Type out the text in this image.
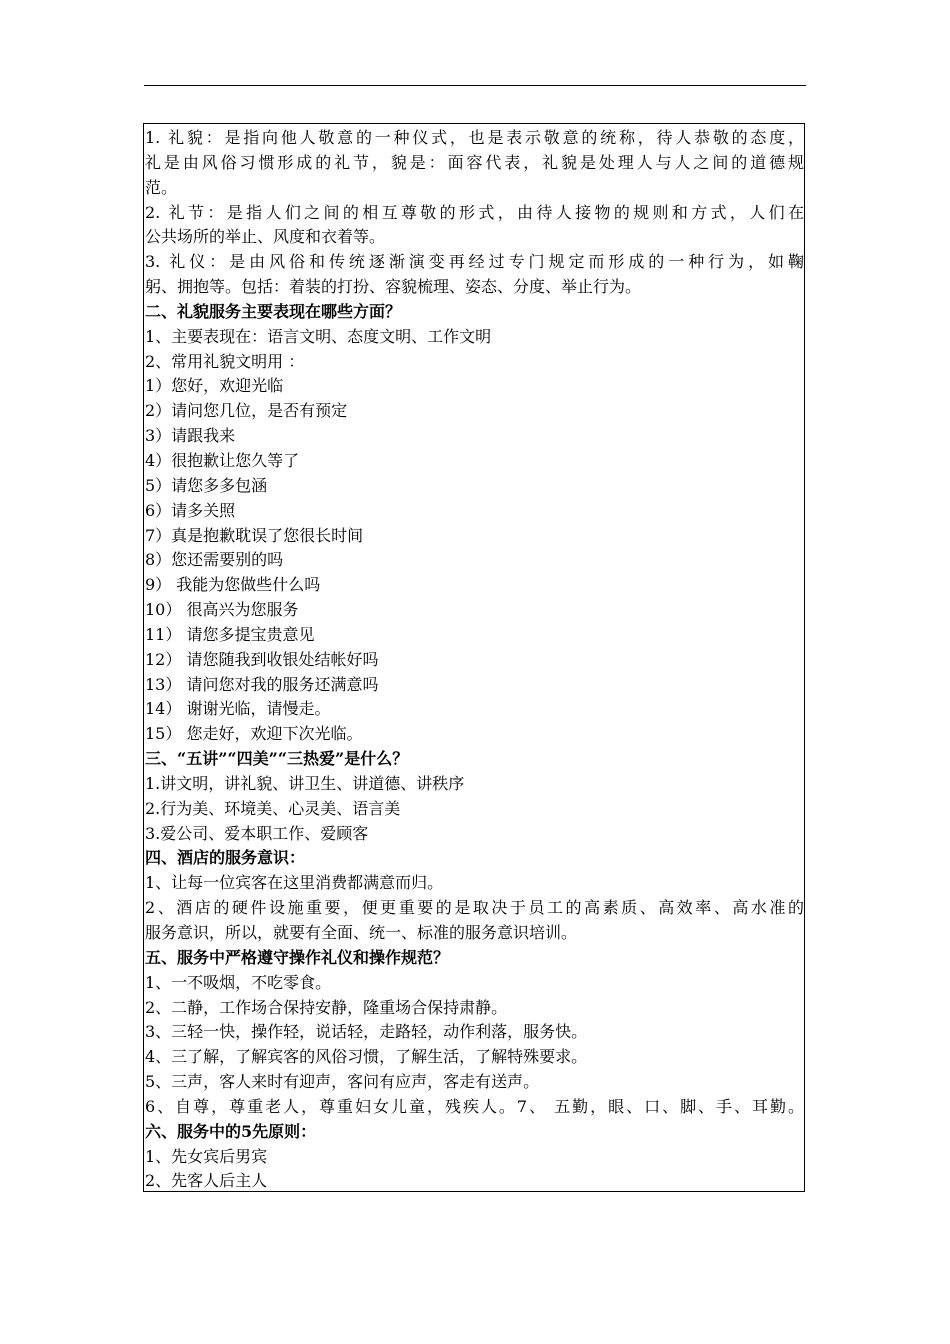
1. 礼貌：是指向他人敬意的一种仪式，也是表示敬意的统称，待人恭敬的态度，
礼是由风俗习惯形成的礼节，貌是：面容代表，礼貌是处理人与人之间的道德规
范。
2. 礼节：是指人们之间的相互尊敬的形式，由待人接物的规则和方式，人们在
公共场所的举止、风度和衣着等。
3. 礼仪：是由风俗和传统逐渐演变再经过专门规定而形成的一种行为，如鞠
躬、拥抱等。包括：着装的打扮、容貌梳理、姿态、分度、举止行为。
二、礼貌服务主要表现在哪些方面？
1、主要表现在：语言文明、态度文明、工作文明
2、常用礼貌文明用 ：
1）您好，欢迎光临
2）请问您几位，是否有预定
3）请跟我来
4）很抱歉让您久等了
5）请您多多包涵
6）请多关照
7）真是抱歉耽误了您很长时间
8）您还需要别的吗
9） 我能为您做些什么吗
10） 很高兴为您服务
11） 请您多提宝贵意见
12） 请您随我到收银处结帐好吗
13） 请问您对我的服务还满意吗
14） 谢谢光临，请慢走。
15） 您走好，欢迎下次光临。
三、“五讲”“四美”“三热爱”是什么？
1.讲文明，讲礼貌、讲卫生、讲道德、讲秩序
2.行为美、环境美、心灵美、语言美
3.爱公司、爱本职工作、爱顾客
四、酒店的服务意识：
1、让每一位宾客在这里消费都满意而归。
2、酒店的硬件设施重要，便更重要的是取决于员工的高素质、高效率、高水准的
服务意识，所以，就要有全面、统一、标准的服务意识培训。
五、服务中严格遵守操作礼仪和操作规范？
1、一不吸烟，不吃零食。
2、二静，工作场合保持安静，隆重场合保持肃静。
3、三轻一快，操作轻，说话轻，走路轻，动作利落，服务快。
4、三了解，了解宾客的风俗习惯，了解生活，了解特殊要求。
5、三声，客人来时有迎声，客问有应声，客走有送声。
6、自尊，尊重老人，尊重妇女儿童，残疾人。7、 五勤，眼、口、脚、手、耳勤。
六、服务中的5先原则：
1、先女宾后男宾
2、先客人后主人
